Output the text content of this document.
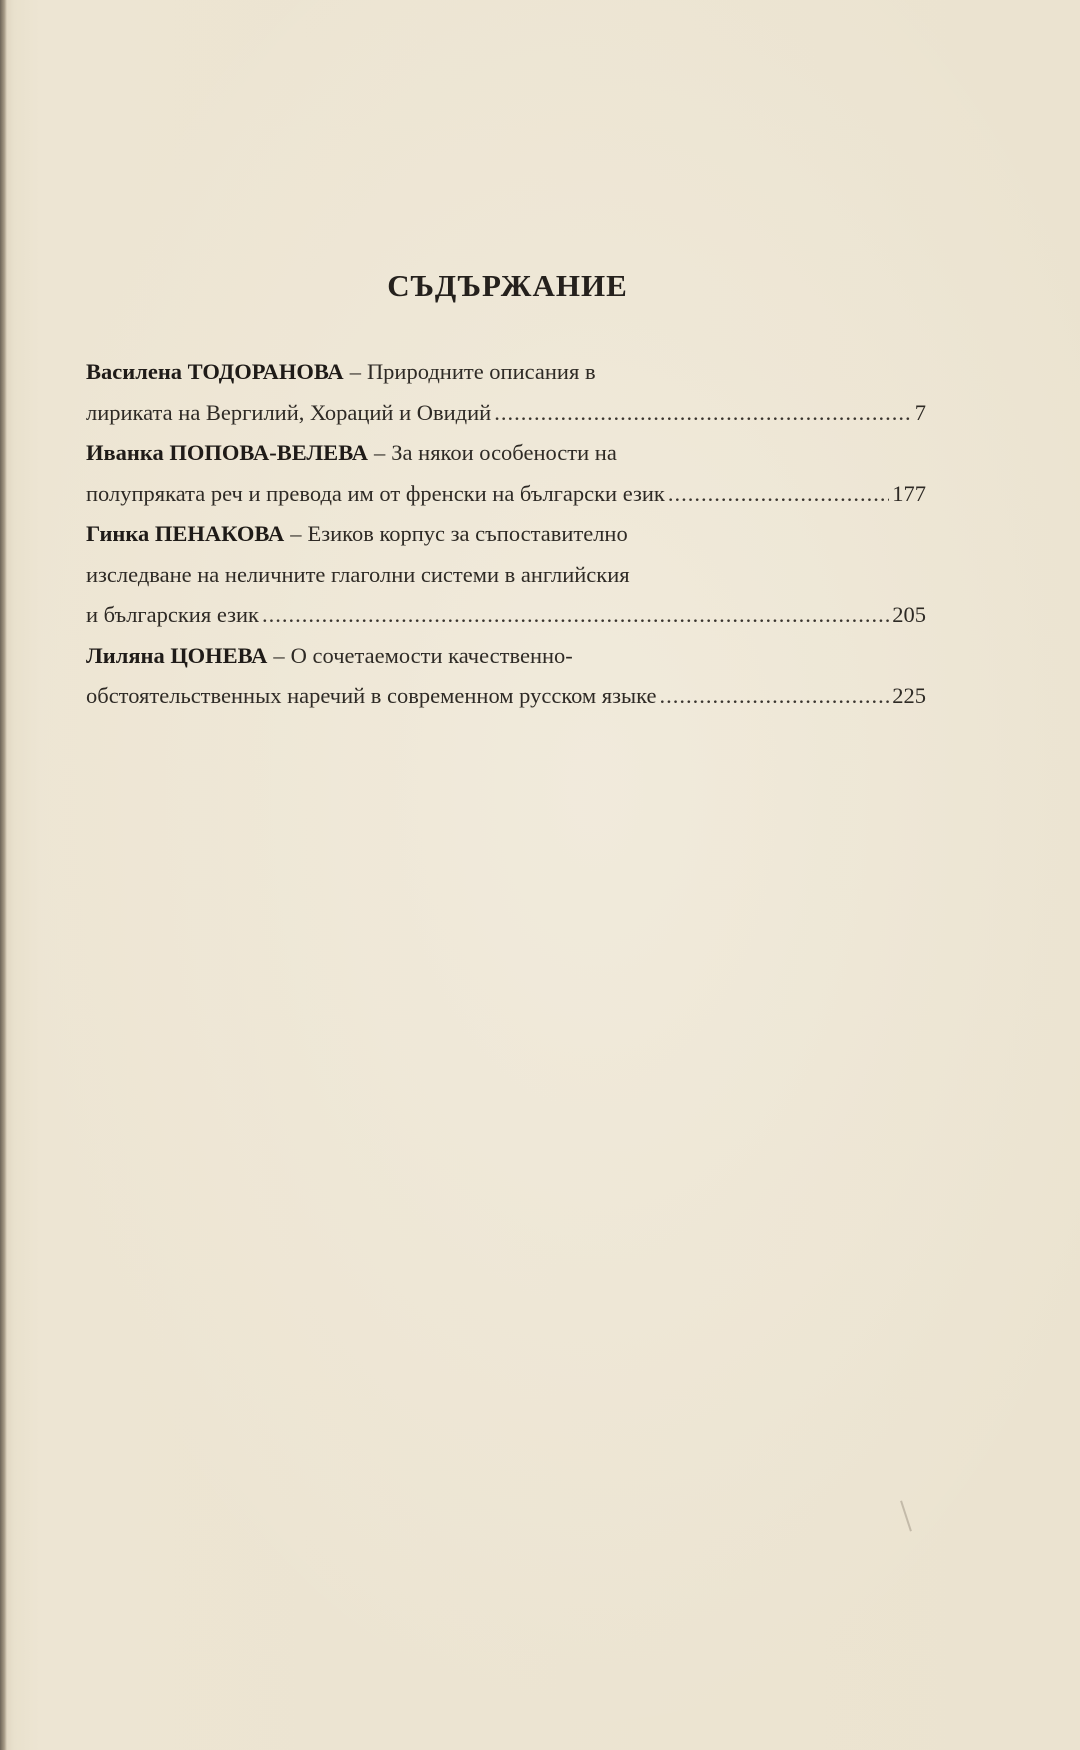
СЪДЪРЖАНИЕ
Василена ТОДОРАНОВА – Природните описания в
лириката на Вергилий, Хораций и Овидий .....	7
Иванка ПОПОВА-ВЕЛЕВА – За някои особености на
полупряката реч и превода им от френски на български език .....	177
Гинка ПЕНАКОВА – Езиков корпус за съпоставително
изследване на неличните глаголни системи в английския
и българския език .....	205
Лиляна ЦОНЕВА – О сочетаемости качественно-
обстоятельственных наречий в современном русском языке .....	225
